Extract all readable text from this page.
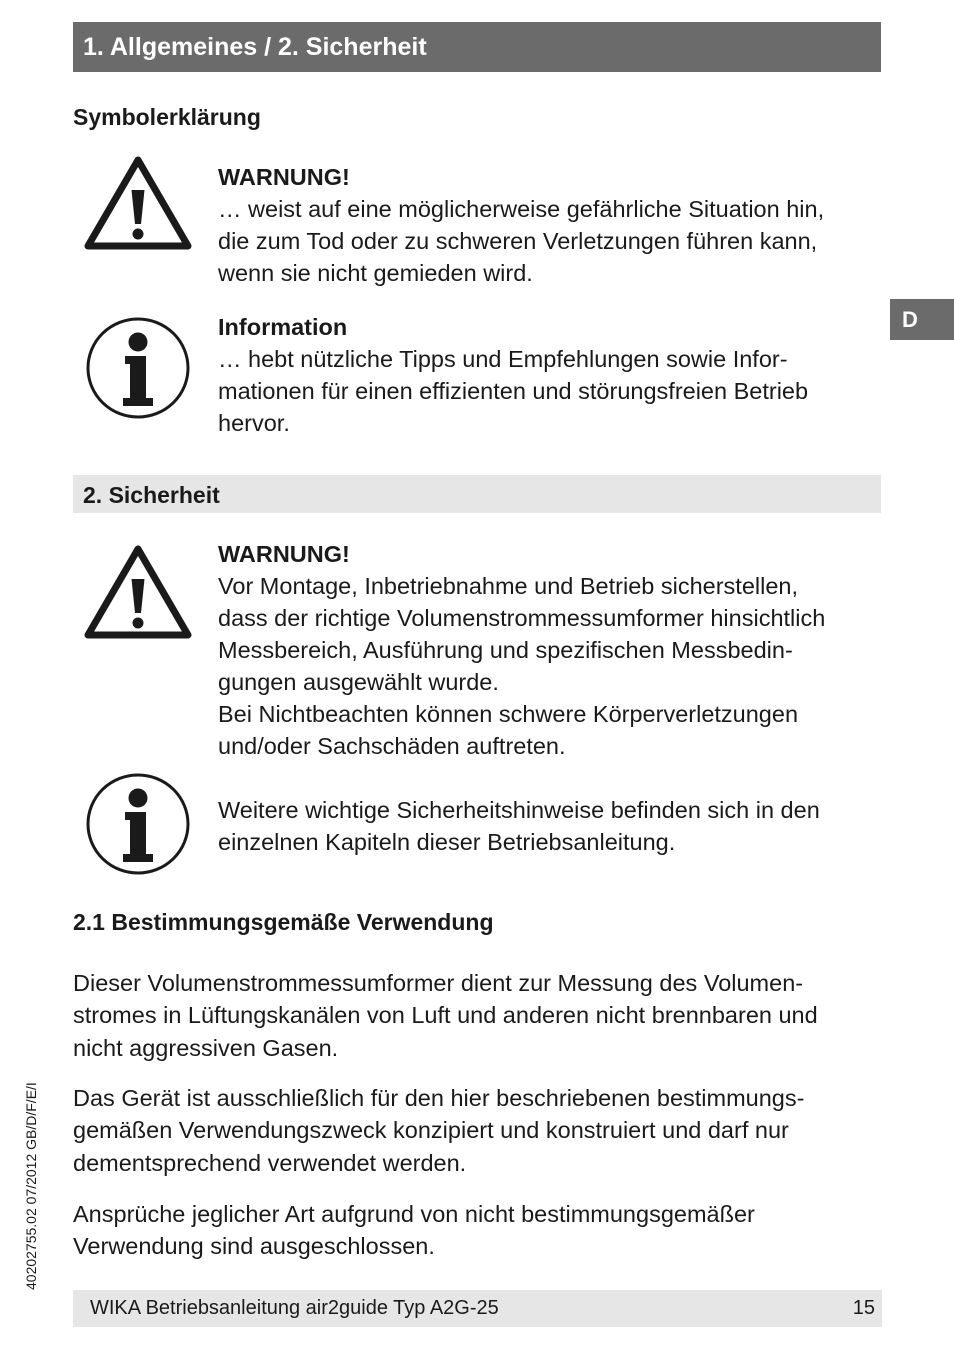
1. Allgemeines / 2. Sicherheit
D
Symbolerklärung
WARNUNG!
… weist auf eine möglicherweise gefährliche Situation hin,
die zum Tod oder zu schweren Verletzungen führen kann,
wenn sie nicht gemieden wird.
Information
… hebt nützliche Tipps und Empfehlungen sowie Infor-
mationen für einen effizienten und störungsfreien Betrieb
hervor.
2. Sicherheit
WARNUNG!
Vor Montage, Inbetriebnahme und Betrieb sicherstellen,
dass der richtige Volumenstrommessumformer hinsichtlich
Messbereich, Ausführung und spezifischen Messbedin-
gungen ausgewählt wurde.
Bei Nichtbeachten können schwere Körperverletzungen
und/oder Sachschäden auftreten.
Weitere wichtige Sicherheitshinweise befinden sich in den
einzelnen Kapiteln dieser Betriebsanleitung.
2.1 Bestimmungsgemäße Verwendung
Dieser Volumenstrommessumformer dient zur Messung des Volumen-
stromes in Lüftungskanälen von Luft und anderen nicht brennbaren und
nicht aggressiven Gasen.
Das Gerät ist ausschließlich für den hier beschriebenen bestimmungs-
gemäßen Verwendungszweck konzipiert und konstruiert und darf nur
dementsprechend verwendet werden.
Ansprüche jeglicher Art aufgrund von nicht bestimmungsgemäßer
Verwendung sind ausgeschlossen.
40202755.02 07/2012 GB/D/F/E/I
WIKA Betriebsanleitung air2guide Typ A2G-25	15
